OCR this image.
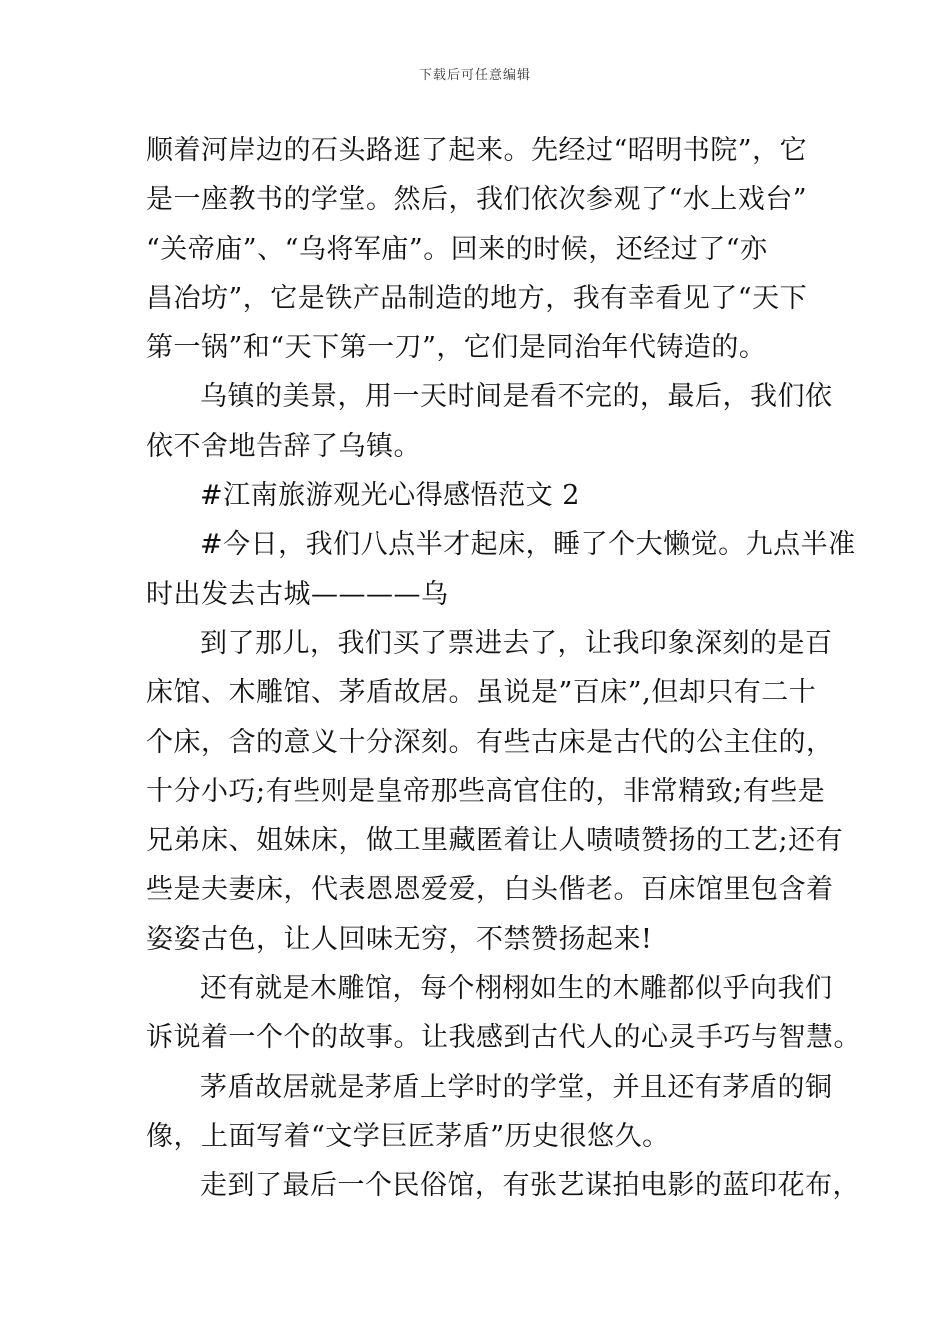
下载后可任意编辑
顺着河岸边的石头路逛了起来。先经过“昭明书院”，它
是一座教书的学堂。然后，我们依次参观了“水上戏台”
“关帝庙”、“乌将军庙”。回来的时候，还经过了“亦
昌冶坊”，它是铁产品制造的地方，我有幸看见了“天下
第一锅”和“天下第一刀”，它们是同治年代铸造的。
乌镇的美景，用一天时间是看不完的，最后，我们依
依不舍地告辞了乌镇。
#江南旅游观光心得感悟范文 2
#今日，我们八点半才起床，睡了个大懒觉。九点半准
时出发去古城————乌
到了那儿，我们买了票进去了，让我印象深刻的是百
床馆、木雕馆、茅盾故居。虽说是”百床”,但却只有二十
个床，含的意义十分深刻。有些古床是古代的公主住的，
十分小巧;有些则是皇帝那些高官住的，非常精致;有些是
兄弟床、姐妹床，做工里藏匿着让人啧啧赞扬的工艺;还有
些是夫妻床，代表恩恩爱爱，白头偕老。百床馆里包含着
姿姿古色，让人回味无穷，不禁赞扬起来!
还有就是木雕馆，每个栩栩如生的木雕都似乎向我们
诉说着一个个的故事。让我感到古代人的心灵手巧与智慧。
茅盾故居就是茅盾上学时的学堂，并且还有茅盾的铜
像，上面写着“文学巨匠茅盾”历史很悠久。
走到了最后一个民俗馆，有张艺谋拍电影的蓝印花布，
